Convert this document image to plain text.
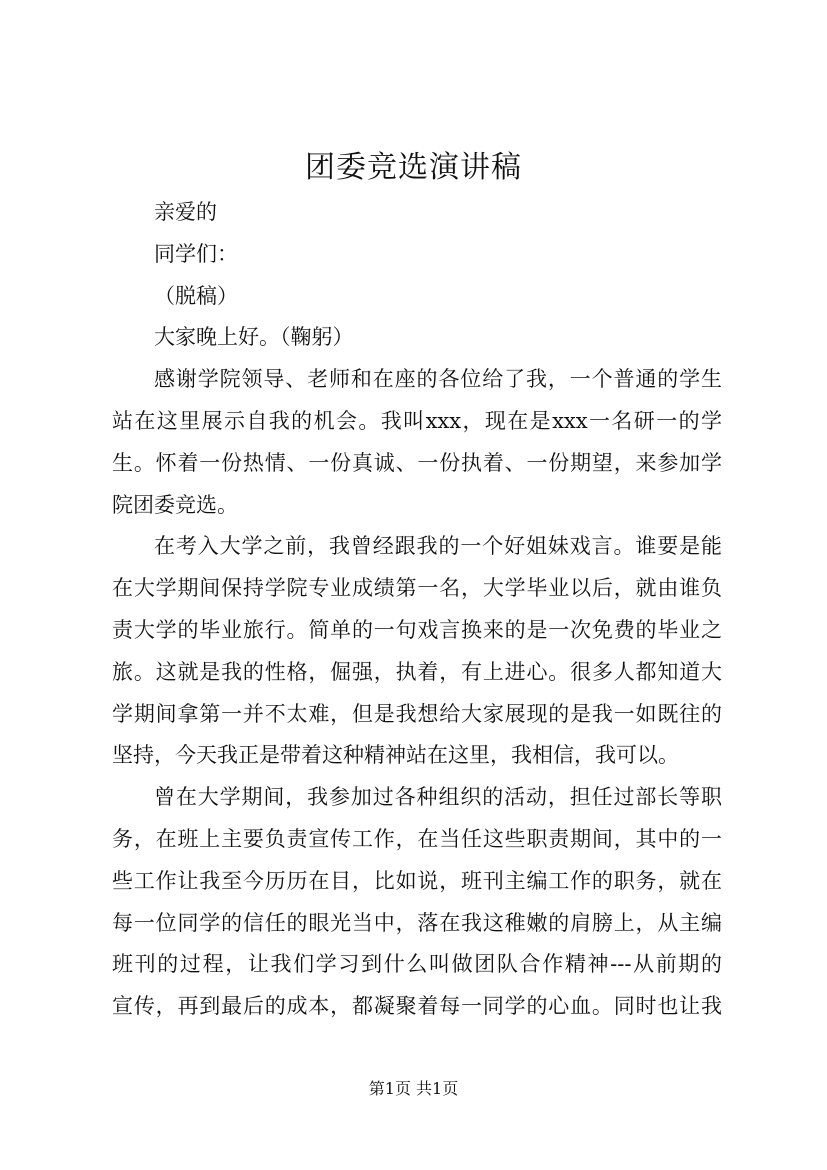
团委竞选演讲稿

亲爱的

同学们：

（脱稿）

大家晚上好。（鞠躬）

感谢学院领导、老师和在座的各位给了我，一个普通的学生

站在这里展示自我的机会。我叫xxx，现在是xxx一名研一的学

生。怀着一份热情、一份真诚、一份执着、一份期望，来参加学

院团委竞选。

在考入大学之前，我曾经跟我的一个好姐妹戏言。谁要是能

在大学期间保持学院专业成绩第一名，大学毕业以后，就由谁负

责大学的毕业旅行。简单的一句戏言换来的是一次免费的毕业之

旅。这就是我的性格，倔强，执着，有上进心。很多人都知道大

学期间拿第一并不太难，但是我想给大家展现的是我一如既往的

坚持，今天我正是带着这种精神站在这里，我相信，我可以。

曾在大学期间，我参加过各种组织的活动，担任过部长等职

务，在班上主要负责宣传工作，在当任这些职责期间，其中的一

些工作让我至今历历在目，比如说，班刊主编工作的职务，就在

每一位同学的信任的眼光当中，落在我这稚嫩的肩膀上，从主编

班刊的过程，让我们学习到什么叫做团队合作精神---从前期的

宣传，再到最后的成本，都凝聚着每一同学的心血。同时也让我

第1页 共1页
